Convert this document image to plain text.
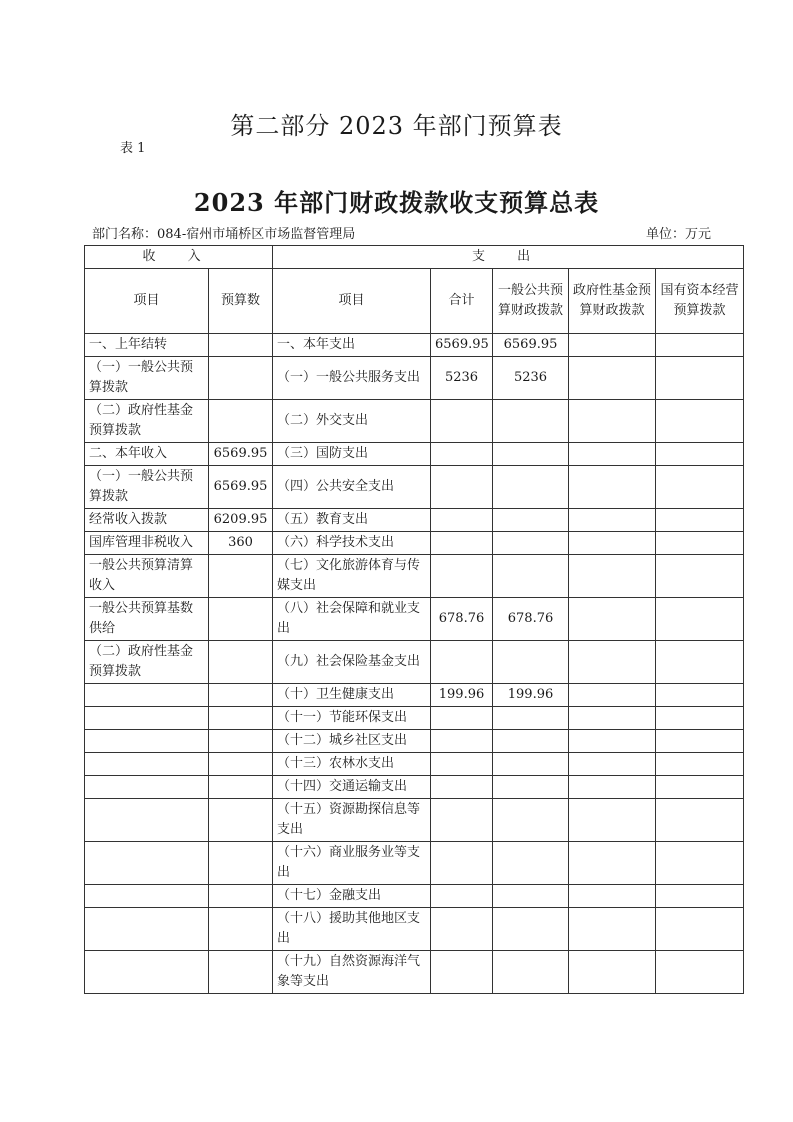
第二部分 2023 年部门预算表
表 1
2023 年部门财政拨款收支预算总表
部门名称：084-宿州市埇桥区市场监督管理局	单位：万元
收 入		支 出				
项目	预算数	项目	合计	一般公共预算财政拨款	政府性基金预算财政拨款	国有资本经营预算拨款
一、上年结转		一、本年支出	6569.95	6569.95		
（一）一般公共预算拨款		（一）一般公共服务支出	5236	5236		
（二）政府性基金预算拨款		（二）外交支出				
二、本年收入	6569.95	（三）国防支出				
（一）一般公共预算拨款	6569.95	（四）公共安全支出				
经常收入拨款	6209.95	（五）教育支出				
国库管理非税收入	360	（六）科学技术支出				
一般公共预算清算收入		（七）文化旅游体育与传媒支出				
一般公共预算基数供给		（八）社会保障和就业支出	678.76	678.76		
（二）政府性基金预算拨款		（九）社会保险基金支出				
		（十）卫生健康支出	199.96	199.96		
		（十一）节能环保支出				
		（十二）城乡社区支出				
		（十三）农林水支出				
		（十四）交通运输支出				
		（十五）资源勘探信息等支出				
		（十六）商业服务业等支出				
		（十七）金融支出				
		（十八）援助其他地区支出				
		（十九）自然资源海洋气象等支出				
